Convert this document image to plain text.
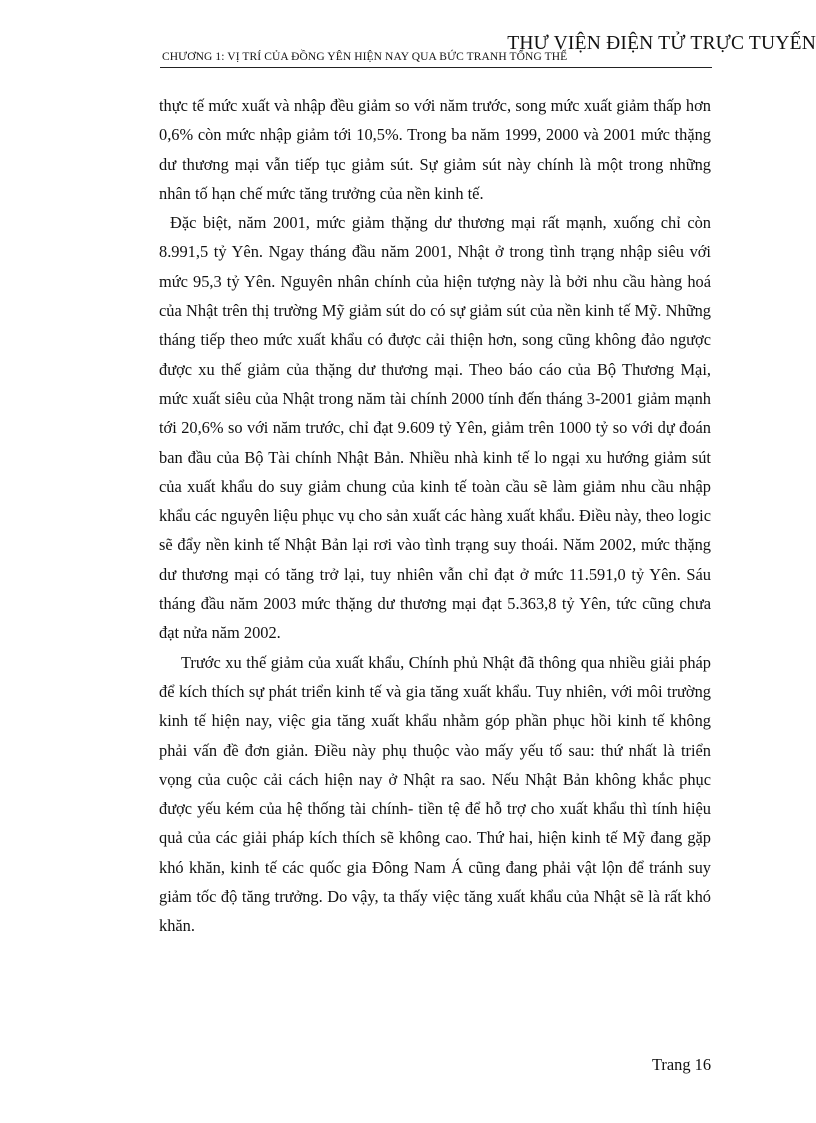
CHƯƠNG 1: VỊ TRÍ CỦA ĐỒNG YÊN HIỆN NAY QUA BỨC TRANH TỔNG THỂ
THƯ VIỆN ĐIỆN TỬ TRỰC TUYẾN

thực tế mức xuất và nhập đều giảm so với năm trước, song mức xuất giảm thấp hơn 0,6% còn mức nhập giảm tới 10,5%. Trong ba năm 1999, 2000 và 2001 mức thặng dư thương mại vẫn tiếp tục giảm sút. Sự giảm sút này chính là một trong những nhân tố hạn chế mức tăng trưởng của nền kinh tế.

Đặc biệt, năm 2001, mức giảm thặng dư thương mại rất mạnh, xuống chỉ còn 8.991,5 tỷ Yên. Ngay tháng đầu năm 2001, Nhật ở trong tình trạng nhập siêu với mức 95,3 tỷ Yên. Nguyên nhân chính của hiện tượng này là bởi nhu cầu hàng hoá của Nhật trên thị trường Mỹ giảm sút do có sự giảm sút của nền kinh tế Mỹ. Những tháng tiếp theo mức xuất khẩu có được cải thiện hơn, song cũng không đảo ngược được xu thế giảm của thặng dư thương mại. Theo báo cáo của Bộ Thương Mại, mức xuất siêu của Nhật trong năm tài chính 2000 tính đến tháng 3-2001 giảm mạnh tới 20,6% so với năm trước, chỉ đạt 9.609 tỷ Yên, giảm trên 1000 tỷ so với dự đoán ban đầu của Bộ Tài chính Nhật Bản. Nhiều nhà kinh tế lo ngại xu hướng giảm sút của xuất khẩu do suy giảm chung của kinh tế toàn cầu sẽ làm giảm nhu cầu nhập khẩu các nguyên liệu phục vụ cho sản xuất các hàng xuất khẩu. Điều này, theo logic sẽ đẩy nền kinh tế Nhật Bản lại rơi vào tình trạng suy thoái. Năm 2002, mức thặng dư thương mại có tăng trở lại, tuy nhiên vẫn chỉ đạt ở mức 11.591,0 tỷ Yên. Sáu tháng đầu năm 2003 mức thặng dư thương mại đạt 5.363,8 tỷ Yên, tức cũng chưa đạt nửa năm 2002.

Trước xu thế giảm của xuất khẩu, Chính phủ Nhật đã thông qua nhiều giải pháp để kích thích sự phát triển kinh tế và gia tăng xuất khẩu. Tuy nhiên, với môi trường kinh tế hiện nay, việc gia tăng xuất khẩu nhằm góp phần phục hồi kinh tế không phải vấn đề đơn giản. Điều này phụ thuộc vào mấy yếu tố sau: thứ nhất là triển vọng của cuộc cải cách hiện nay ở Nhật ra sao. Nếu Nhật Bản không khắc phục được yếu kém của hệ thống tài chính- tiền tệ để hỗ trợ cho xuất khẩu thì tính hiệu quả của các giải pháp kích thích sẽ không cao. Thứ hai, hiện kinh tế Mỹ đang gặp khó khăn, kinh tế các quốc gia Đông Nam Á cũng đang phải vật lộn để tránh suy giảm tốc độ tăng trưởng. Do vậy, ta thấy việc tăng xuất khẩu của Nhật sẽ là rất khó khăn.

Trang 16
